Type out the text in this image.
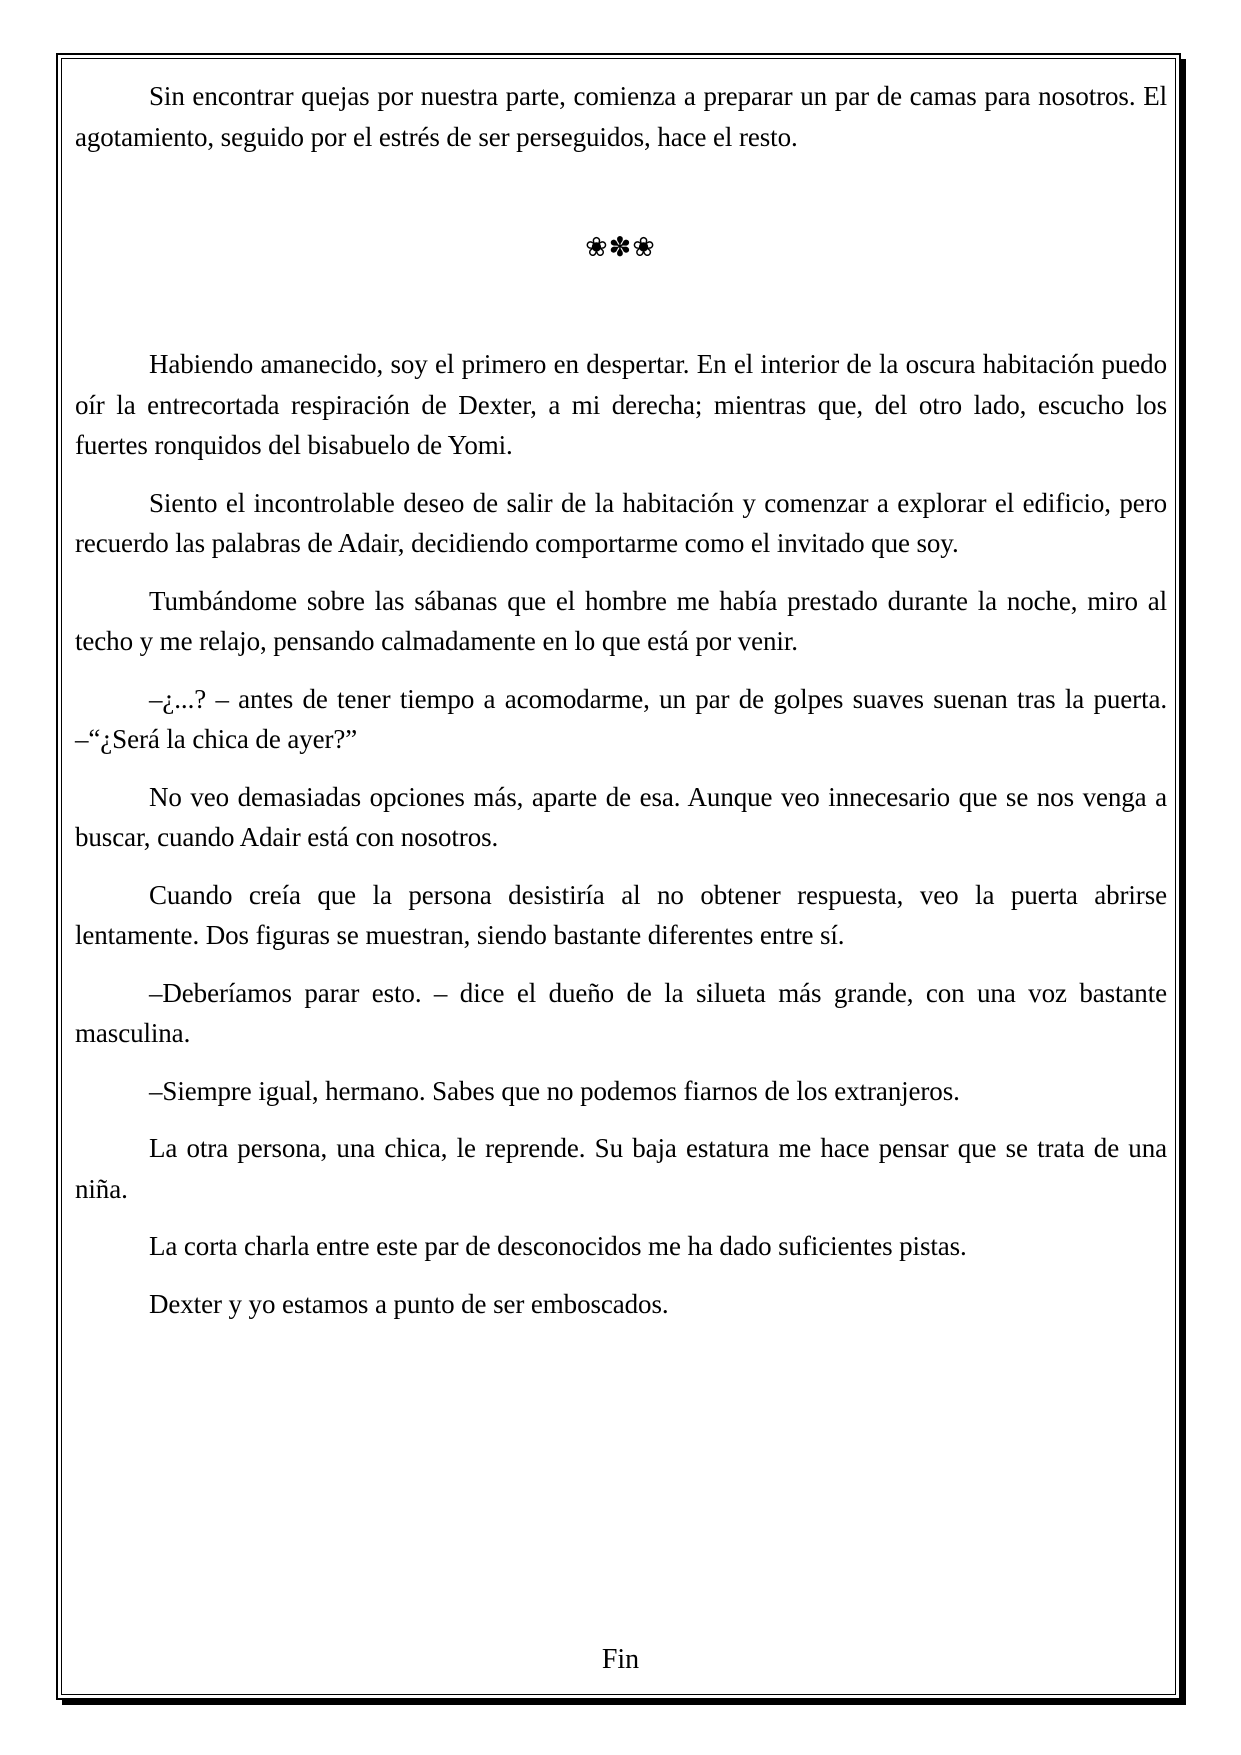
Sin encontrar quejas por nuestra parte, comienza a preparar un par de camas para nosotros. El agotamiento, seguido por el estrés de ser perseguidos, hace el resto.

❀✽❀

Habiendo amanecido, soy el primero en despertar. En el interior de la oscura habitación puedo oír la entrecortada respiración de Dexter, a mi derecha; mientras que, del otro lado, escucho los fuertes ronquidos del bisabuelo de Yomi.

Siento el incontrolable deseo de salir de la habitación y comenzar a explorar el edificio, pero recuerdo las palabras de Adair, decidiendo comportarme como el invitado que soy.

Tumbándome sobre las sábanas que el hombre me había prestado durante la noche, miro al techo y me relajo, pensando calmadamente en lo que está por venir.

–¿...? – antes de tener tiempo a acomodarme, un par de golpes suaves suenan tras la puerta. –“¿Será la chica de ayer?”

No veo demasiadas opciones más, aparte de esa. Aunque veo innecesario que se nos venga a buscar, cuando Adair está con nosotros.

Cuando creía que la persona desistiría al no obtener respuesta, veo la puerta abrirse lentamente. Dos figuras se muestran, siendo bastante diferentes entre sí.

–Deberíamos parar esto. – dice el dueño de la silueta más grande, con una voz bastante masculina.

–Siempre igual, hermano. Sabes que no podemos fiarnos de los extranjeros.

La otra persona, una chica, le reprende. Su baja estatura me hace pensar que se trata de una niña.

La corta charla entre este par de desconocidos me ha dado suficientes pistas.

Dexter y yo estamos a punto de ser emboscados.

Fin
